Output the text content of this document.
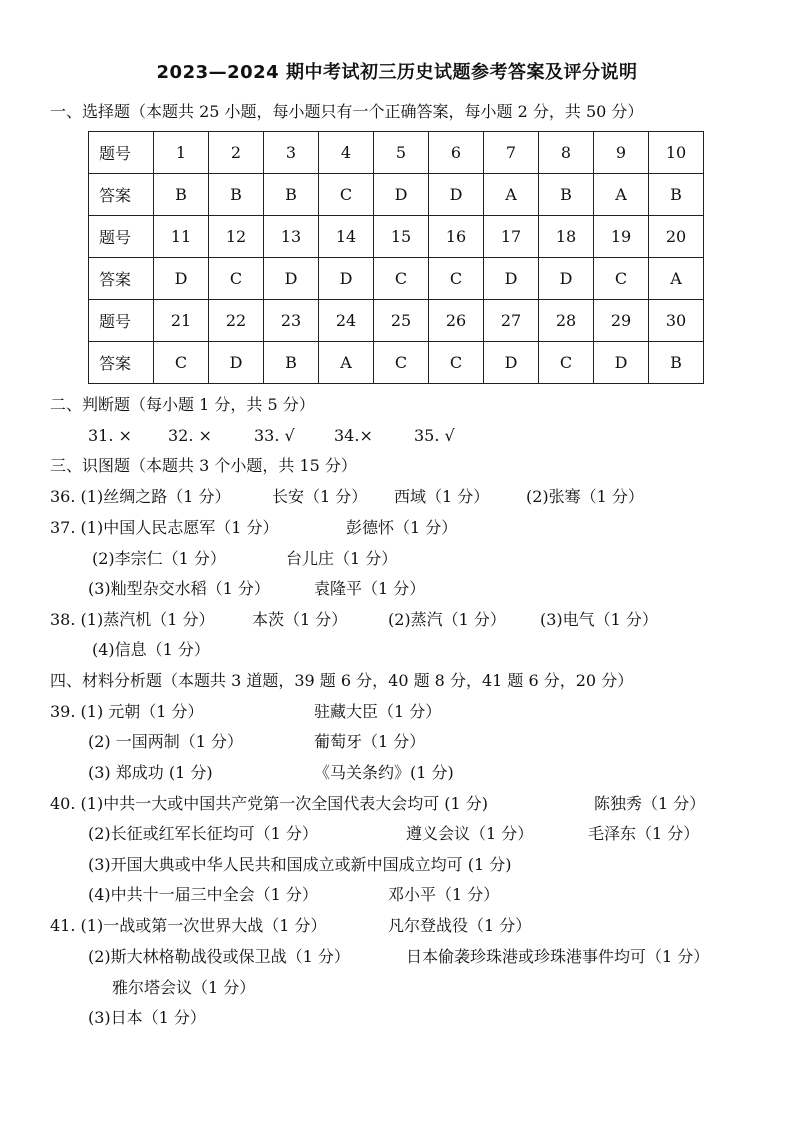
2023—2024 期中考试初三历史试题参考答案及评分说明
一、选择题（本题共 25 小题，每小题只有一个正确答案，每小题 2 分，共 50 分）
题号	1	2	3	4	5	6	7	8	9	10
答案	B	B	B	C	D	D	A	B	A	B
题号	11	12	13	14	15	16	17	18	19	20
答案	D	C	D	D	C	C	D	D	C	A
题号	21	22	23	24	25	26	27	28	29	30
答案	C	D	B	A	C	C	D	C	D	B
二、判断题（每小题 1 分，共 5 分）
31. × 32. ×	33. √ 34.×	35. √
三、识图题（本题共 3 个小题，共 15 分）
36. (1)丝绸之路（1 分）	长安（1 分） 西域（1 分） (2)张骞（1 分）
37. (1)中国人民志愿军（1 分）	彭德怀（1 分）
(2)李宗仁（1 分）	台儿庄（1 分）
(3)籼型杂交水稻（1 分）	袁隆平（1 分）
38. (1)蒸汽机（1 分） 本茨（1 分）	(2)蒸汽（1 分） (3)电气（1 分）
(4)信息（1 分）
四、材料分析题（本题共 3 道题，39 题 6 分，40 题 8 分，41 题 6 分，20 分）
39. (1) 元朝（1 分）	驻藏大臣（1 分）
(2) 一国两制（1 分）	葡萄牙（1 分）
(3) 郑成功 (1 分)	《马关条约》(1 分)
40. (1)中共一大或中国共产党第一次全国代表大会均可 (1 分)	陈独秀（1 分）
(2)长征或红军长征均可（1 分）	遵义会议（1 分）	毛泽东（1 分）
(3)开国大典或中华人民共和国成立或新中国成立均可 (1 分)
(4)中共十一届三中全会（1 分）	邓小平（1 分）
41. (1)一战或第一次世界大战（1 分）	凡尔登战役（1 分）
(2)斯大林格勒战役或保卫战（1 分）	日本偷袭珍珠港或珍珠港事件均可（1 分）
雅尔塔会议（1 分）
(3)日本（1 分）
